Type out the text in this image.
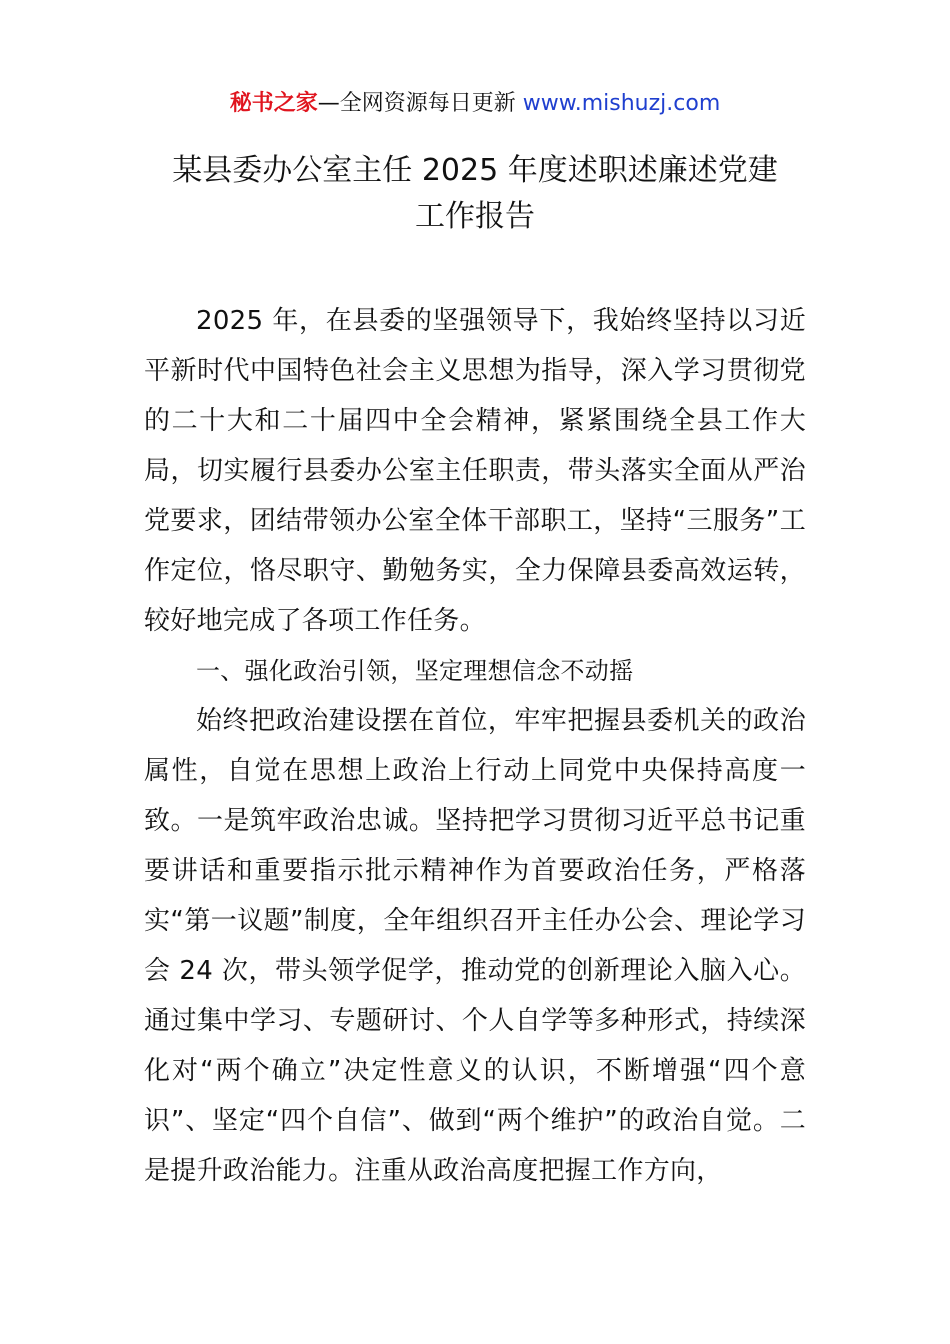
秘书之家—全网资源每日更新 www.mishuzj.com
某县委办公室主任 2025 年度述职述廉述党建
工作报告

2025 年，在县委的坚强领导下，我始终坚持以习近平新时代中国特色社会主义思想为指导，深入学习贯彻党的二十大和二十届四中全会精神，紧紧围绕全县工作大局，切实履行县委办公室主任职责，带头落实全面从严治党要求，团结带领办公室全体干部职工，坚持“三服务”工作定位，恪尽职守、勤勉务实，全力保障县委高效运转，较好地完成了各项工作任务。

一、强化政治引领，坚定理想信念不动摇

始终把政治建设摆在首位，牢牢把握县委机关的政治属性，自觉在思想上政治上行动上同党中央保持高度一致。一是筑牢政治忠诚。坚持把学习贯彻习近平总书记重要讲话和重要指示批示精神作为首要政治任务，严格落实“第一议题”制度，全年组织召开主任办公会、理论学习会 24 次，带头领学促学，推动党的创新理论入脑入心。通过集中学习、专题研讨、个人自学等多种形式，持续深化对“两个确立”决定性意义的认识，不断增强“四个意识”、坚定“四个自信”、做到“两个维护”的政治自觉。二是提升政治能力。注重从政治高度把握工作方向，
